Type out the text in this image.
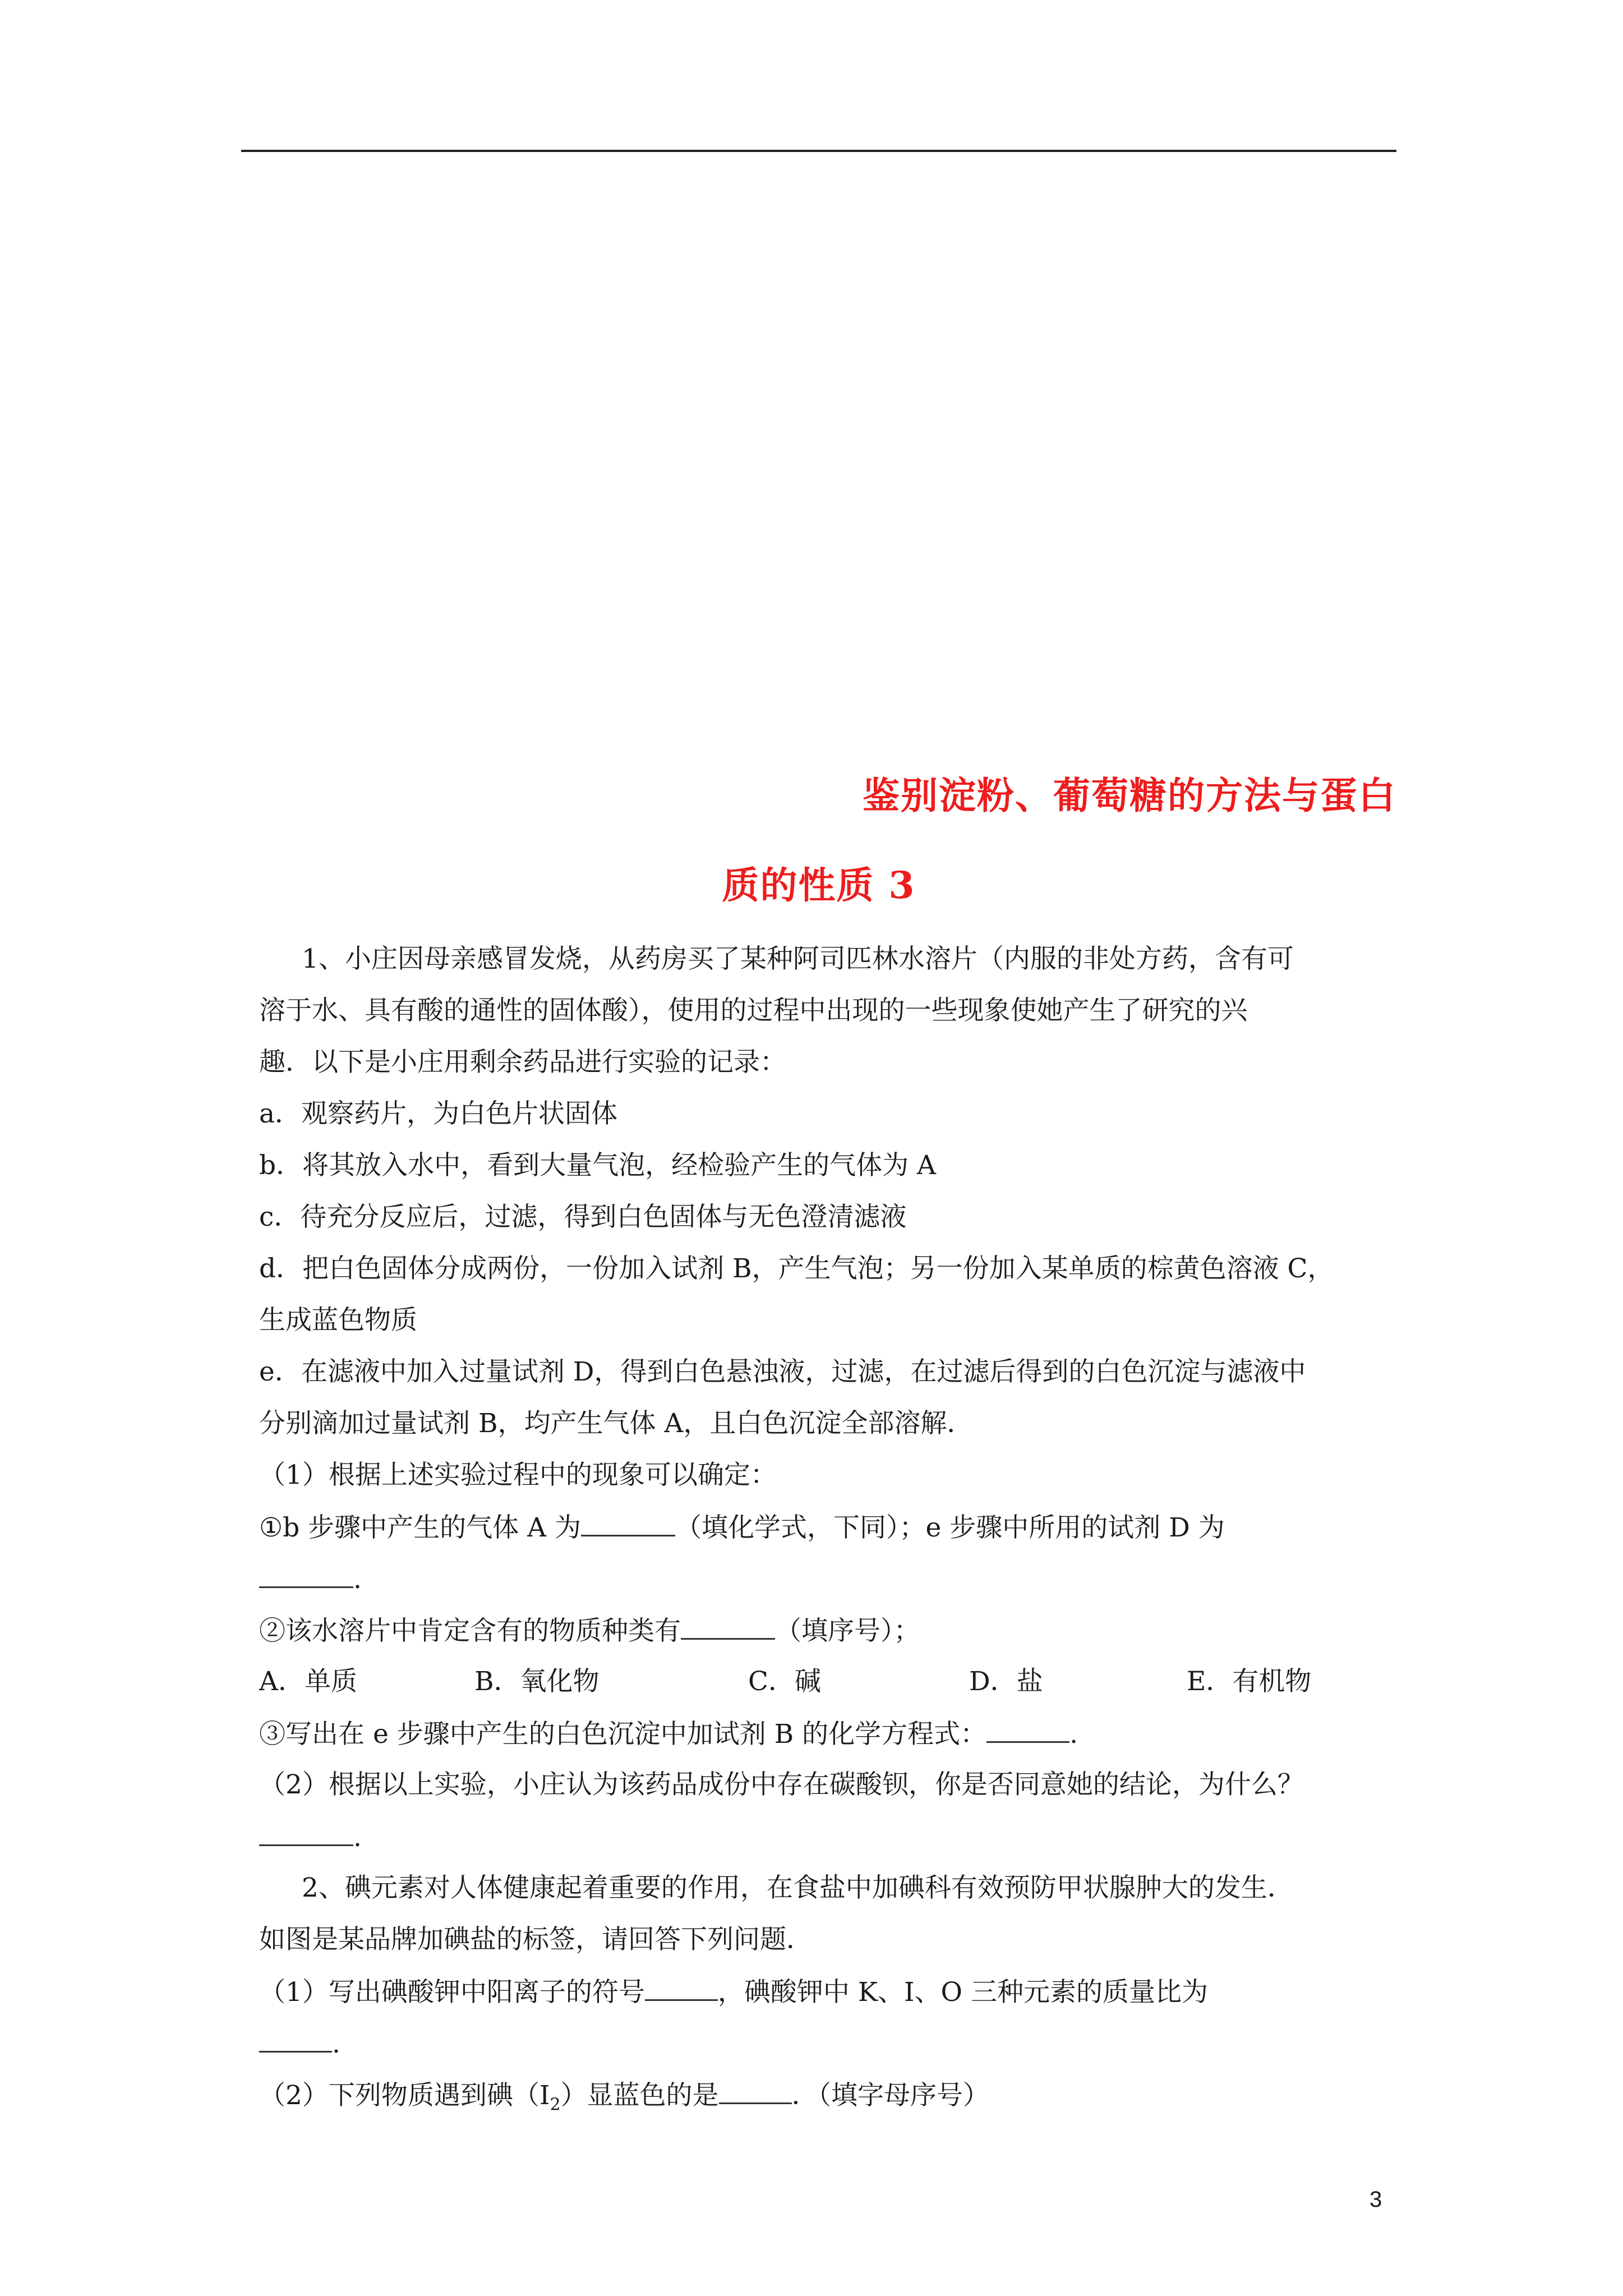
鉴别淀粉、葡萄糖的方法与蛋白
质的性质 3
1、小庄因母亲感冒发烧，从药房买了某种阿司匹林水溶片（内服的非处方药，含有可
溶于水、具有酸的通性的固体酸），使用的过程中出现的一些现象使她产生了研究的兴
趣．以下是小庄用剩余药品进行实验的记录：
a．观察药片，为白色片状固体
b．将其放入水中，看到大量气泡，经检验产生的气体为 A
c．待充分反应后，过滤，得到白色固体与无色澄清滤液
d．把白色固体分成两份，一份加入试剂 B，产生气泡；另一份加入某单质的棕黄色溶液 C，
生成蓝色物质
e．在滤液中加入过量试剂 D，得到白色悬浊液，过滤，在过滤后得到的白色沉淀与滤液中
分别滴加过量试剂 B，均产生气体 A，且白色沉淀全部溶解．
（1）根据上述实验过程中的现象可以确定：
①b 步骤中产生的气体 A 为	（填化学式，下同）；e 步骤中所用的试剂 D 为
.
②该水溶片中肯定含有的物质种类有	（填序号）；
A．单质	B．氧化物	C．碱	D．盐	E．有机物
③写出在 e 步骤中产生的白色沉淀中加试剂 B 的化学方程式：	.
（2）根据以上实验，小庄认为该药品成份中存在碳酸钡，你是否同意她的结论，为什么？
.
2、碘元素对人体健康起着重要的作用，在食盐中加碘科有效预防甲状腺肿大的发生．
如图是某品牌加碘盐的标签，请回答下列问题．
（1）写出碘酸钾中阳离子的符号	，碘酸钾中 K、I、O 三种元素的质量比为
.
（2）下列物质遇到碘$(I_2)$显蓝色的是	．（填字母序号）
3
